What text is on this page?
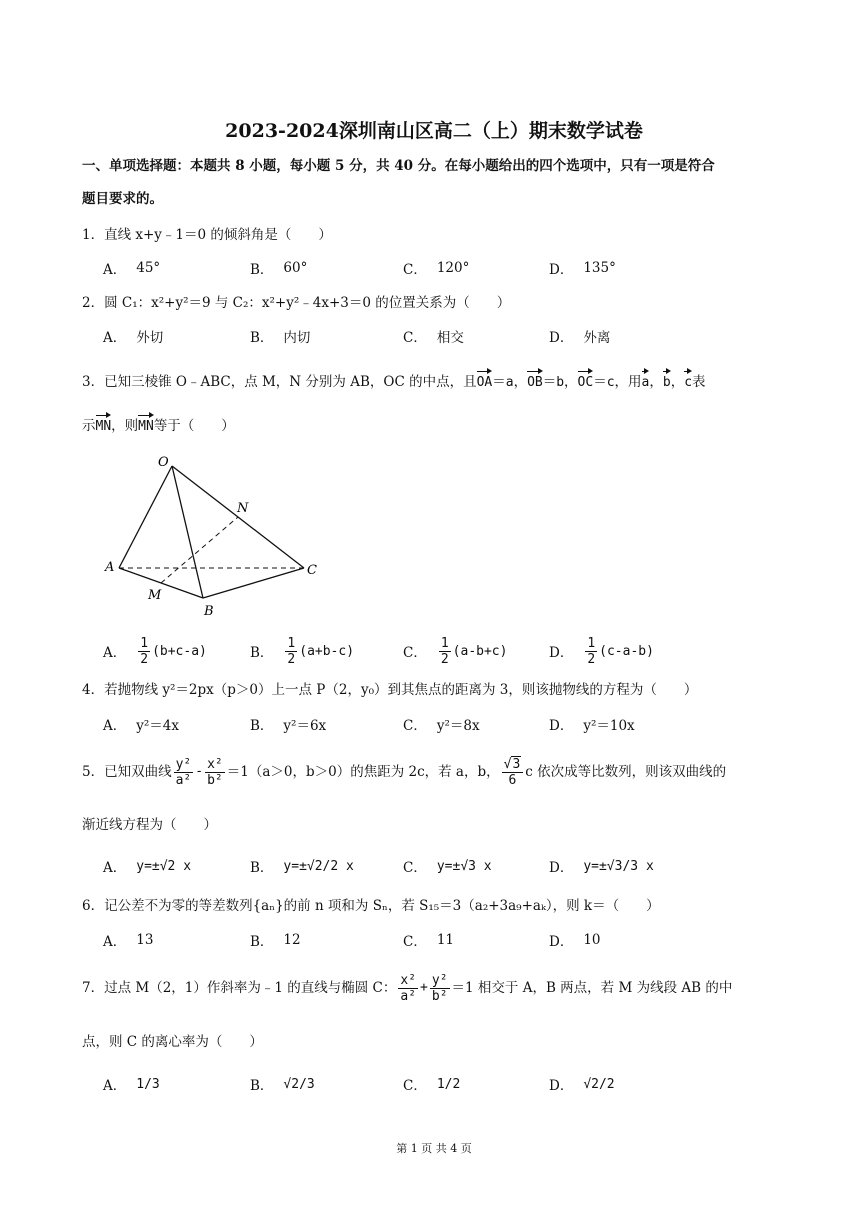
2023-2024深圳南山区高二（上）期末数学试卷
一、单项选择题：本题共 8 小题，每小题 5 分，共 40 分。在每小题给出的四个选项中，只有一项是符合
题目要求的。
1．直线 x+y﹣1＝0 的倾斜角是（　　）
A． 45°	B． 60°	C． 120°	D． 135°
2．圆 C₁：x²+y²＝9 与 C₂：x²+y²﹣4x+3＝0 的位置关系为（　　）
A． 外切	B． 内切	C． 相交	D． 外离
3．已知三棱锥 O﹣ABC，点 M，N 分别为 AB，OC 的中点，且OA＝a，OB＝b，OC＝c，用a，b，c表
示MN，则MN等于（　　）
O
A
B
C
M
N
A． $\frac{1}{2} (b+c-a)$	B． $\frac{1}{2} (a+b-c)$	C． $\frac{1}{2} (a-b+c)$	D． $\frac{1}{2} (c-a-b)$
4．若抛物线 y²＝2px（p＞0）上一点 P（2，y₀）到其焦点的距离为 3，则该抛物线的方程为（　　）
A． y²＝4x	B． y²＝6x	C． y²＝8x	D． y²＝10x
5．已知双曲线 $\frac{\text{y²}}{\text{a²}} - \frac{\text{x²}}{\text{b²}} =1(a>0$，b＞0）的焦距为 2c，若 a，b， $\frac{√3}{6}$ c 依次成等比数列，则该双曲线的
渐近线方程为（　　）
A． y=±√2 x	B． y=±√2/2 x	C． y=±√3 x	D． y=±√3/3 x
6．记公差不为零的等差数列{aₙ}的前 n 项和为 Sₙ，若 S₁₅＝3（a₂+3a₉+aₖ），则 k＝（　　）
A． 13	B． 12	C． 11	D． 10
7．过点 M（2，1）作斜率为﹣1 的直线与椭圆 C： $\frac{\text{x²}}{\text{a²}} + \frac{\text{y²}}{\text{b²}} =1$ 相交于 A，B 两点，若 M 为线段 AB 的中
点，则 C 的离心率为（　　）
A． 1/3	B． √2/3	C． 1/2	D． √2/2
第 1 页 共 4 页
